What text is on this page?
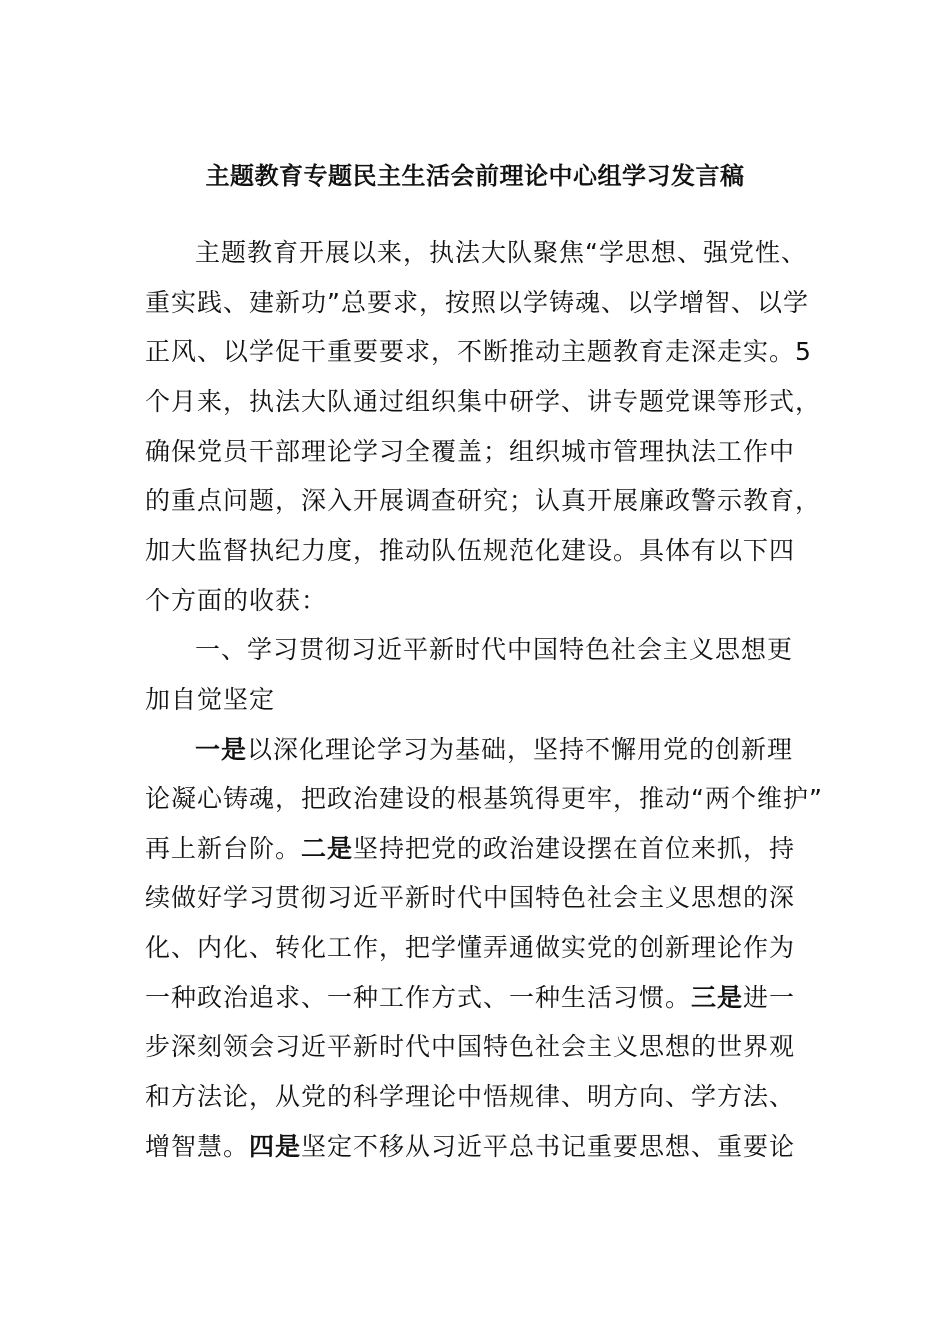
主题教育专题民主生活会前理论中心组学习发言稿
主题教育开展以来，执法大队聚焦“学思想、强党性、
重实践、建新功”总要求，按照以学铸魂、以学增智、以学
正风、以学促干重要要求，不断推动主题教育走深走实。5
个月来，执法大队通过组织集中研学、讲专题党课等形式，
确保党员干部理论学习全覆盖；组织城市管理执法工作中
的重点问题，深入开展调查研究；认真开展廉政警示教育，
加大监督执纪力度，推动队伍规范化建设。具体有以下四
个方面的收获：
一、学习贯彻习近平新时代中国特色社会主义思想更
加自觉坚定
一是以深化理论学习为基础，坚持不懈用党的创新理
论凝心铸魂，把政治建设的根基筑得更牢，推动“两个维护”
再上新台阶。二是坚持把党的政治建设摆在首位来抓，持
续做好学习贯彻习近平新时代中国特色社会主义思想的深
化、内化、转化工作，把学懂弄通做实党的创新理论作为
一种政治追求、一种工作方式、一种生活习惯。三是进一
步深刻领会习近平新时代中国特色社会主义思想的世界观
和方法论，从党的科学理论中悟规律、明方向、学方法、
增智慧。四是坚定不移从习近平总书记重要思想、重要论
